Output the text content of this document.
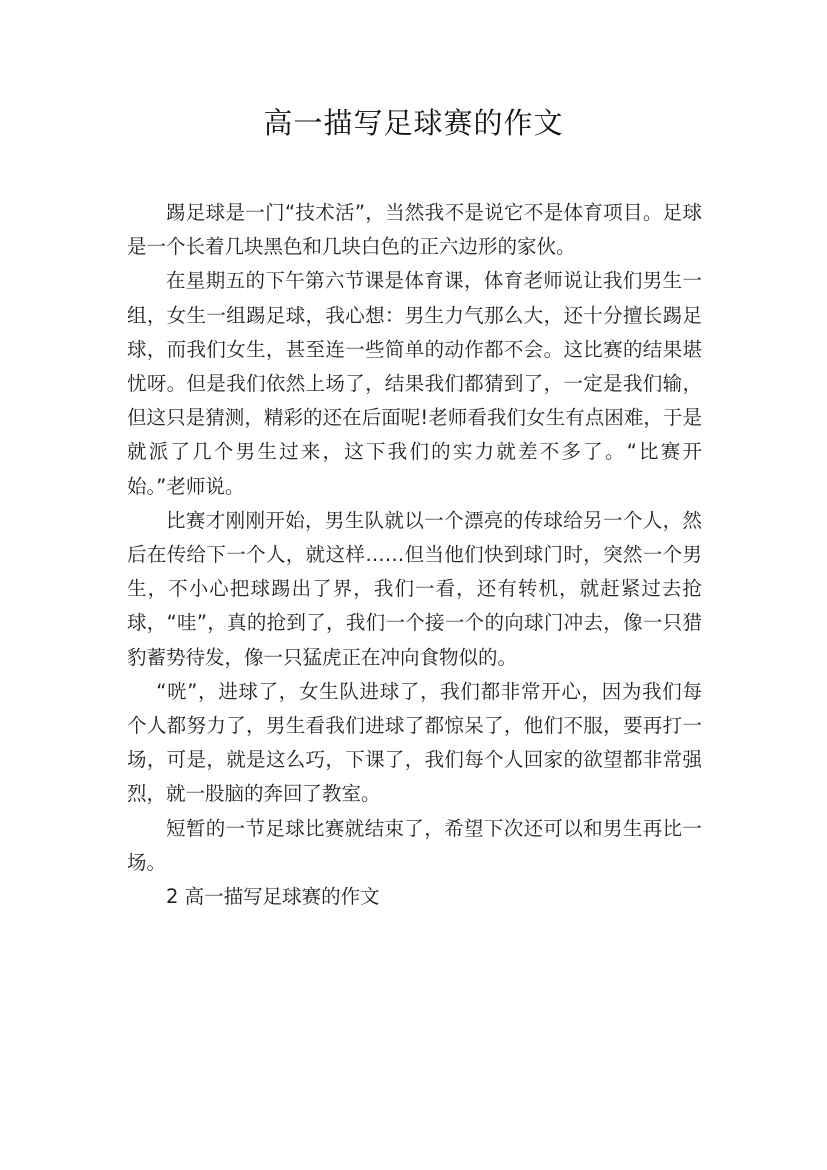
高一描写足球赛的作文

踢足球是一门“技术活”，当然我不是说它不是体育项目。足球是一个长着几块黑色和几块白色的正六边形的家伙。

在星期五的下午第六节课是体育课，体育老师说让我们男生一组，女生一组踢足球，我心想：男生力气那么大，还十分擅长踢足球，而我们女生，甚至连一些简单的动作都不会。这比赛的结果堪忧呀。但是我们依然上场了，结果我们都猜到了，一定是我们输，但这只是猜测，精彩的还在后面呢!老师看我们女生有点困难，于是就派了几个男生过来，这下我们的实力就差不多了。“比赛开始。”老师说。

比赛才刚刚开始，男生队就以一个漂亮的传球给另一个人，然后在传给下一个人，就这样……但当他们快到球门时，突然一个男生，不小心把球踢出了界，我们一看，还有转机，就赶紧过去抢球，“哇”，真的抢到了，我们一个接一个的向球门冲去，像一只猎豹蓄势待发，像一只猛虎正在冲向食物似的。

“咣”，进球了，女生队进球了，我们都非常开心，因为我们每个人都努力了，男生看我们进球了都惊呆了，他们不服，要再打一场，可是，就是这么巧，下课了，我们每个人回家的欲望都非常强烈，就一股脑的奔回了教室。

短暂的一节足球比赛就结束了，希望下次还可以和男生再比一场。

2 高一描写足球赛的作文
